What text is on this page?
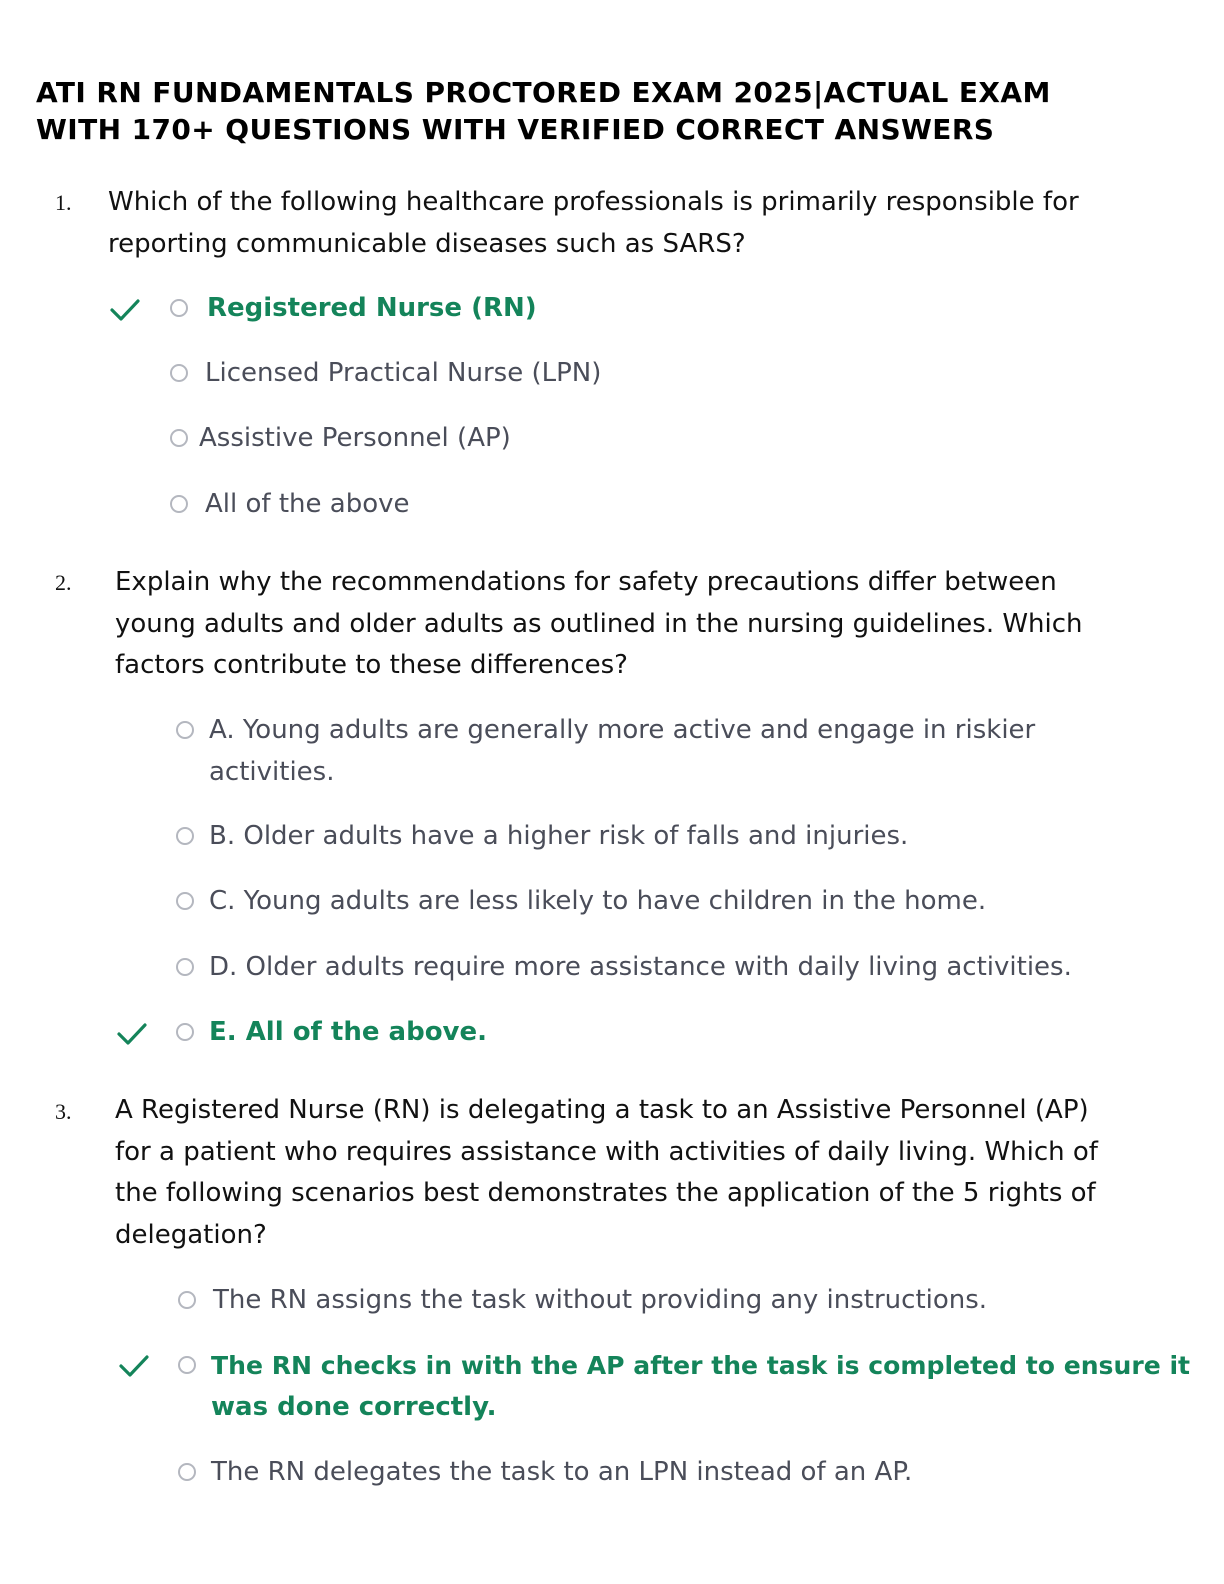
ATI RN FUNDAMENTALS PROCTORED EXAM 2025|ACTUAL EXAM
WITH 170+ QUESTIONS WITH VERIFIED CORRECT ANSWERS
1. Which of the following healthcare professionals is primarily responsible for
reporting communicable diseases such as SARS?
Registered Nurse (RN)
Licensed Practical Nurse (LPN)
Assistive Personnel (AP)
All of the above
2. Explain why the recommendations for safety precautions differ between
young adults and older adults as outlined in the nursing guidelines. Which
factors contribute to these differences?
A. Young adults are generally more active and engage in riskier
activities.
B. Older adults have a higher risk of falls and injuries.
C. Young adults are less likely to have children in the home.
D. Older adults require more assistance with daily living activities.
E. All of the above.
3. A Registered Nurse (RN) is delegating a task to an Assistive Personnel (AP)
for a patient who requires assistance with activities of daily living. Which of
the following scenarios best demonstrates the application of the 5 rights of
delegation?
The RN assigns the task without providing any instructions.
The RN checks in with the AP after the task is completed to ensure it
was done correctly.
The RN delegates the task to an LPN instead of an AP.
